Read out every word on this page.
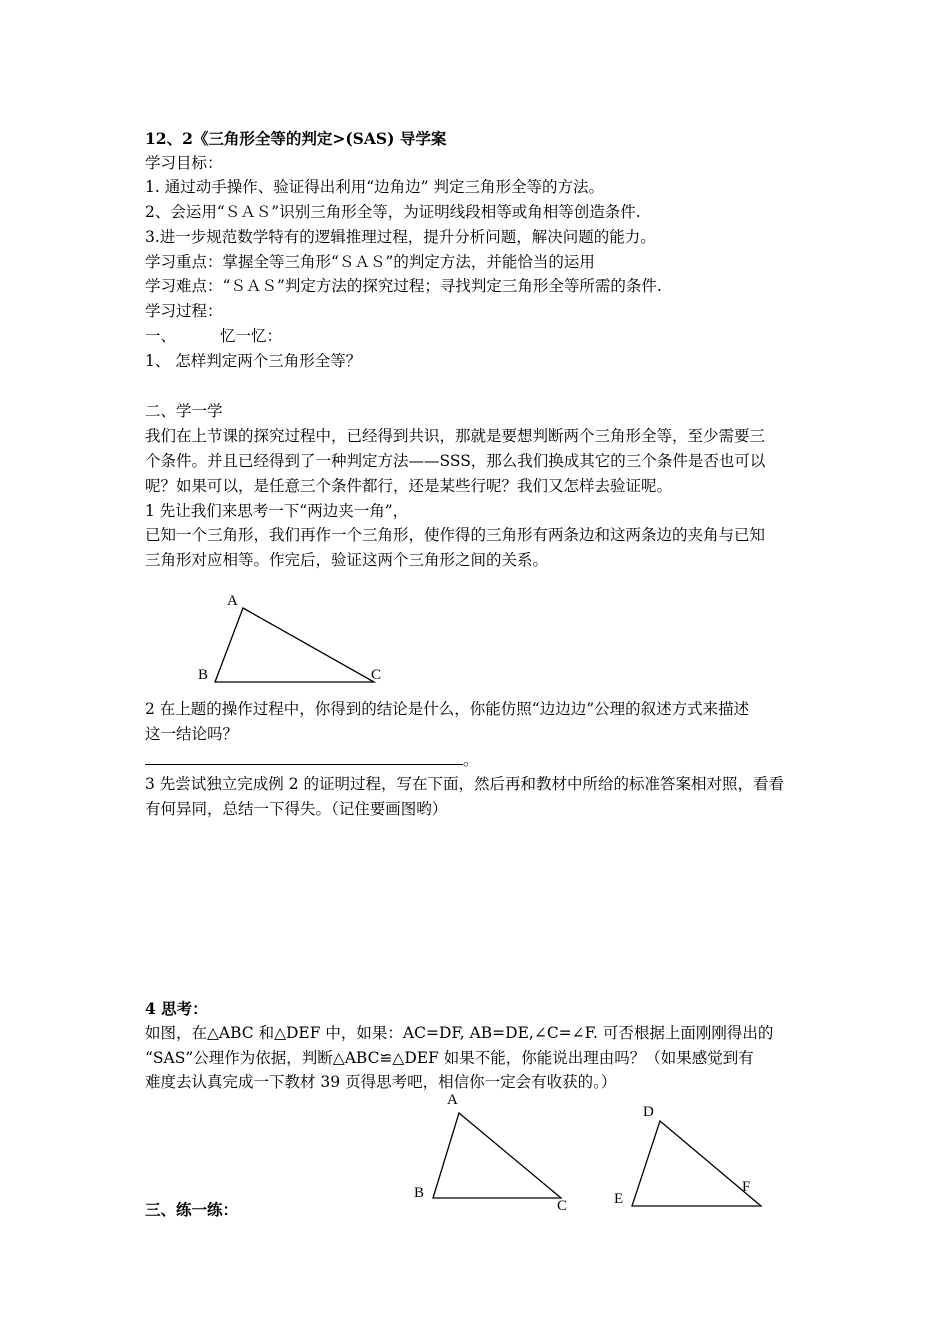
12、2《三角形全等的判定>(SAS) 导学案
学习目标：
1. 通过动手操作、验证得出利用“边角边” 判定三角形全等的方法。
2、会运用“ＳＡＳ”识别三角形全等，为证明线段相等或角相等创造条件.
3.进一步规范数学特有的逻辑推理过程，提升分析问题，解决问题的能力。
学习重点：掌握全等三角形“ＳＡＳ”的判定方法，并能恰当的运用
学习难点：“ＳＡＳ”判定方法的探究过程；寻找判定三角形全等所需的条件.
学习过程：
一、	忆一忆：
1、 怎样判定两个三角形全等？
二、学一学
我们在上节课的探究过程中，已经得到共识，那就是要想判断两个三角形全等，至少需要三
个条件。并且已经得到了一种判定方法——SSS，那么我们换成其它的三个条件是否也可以
呢？如果可以，是任意三个条件都行，还是某些行呢？我们又怎样去验证呢。
1 先让我们来思考一下“两边夹一角”，
已知一个三角形，我们再作一个三角形，使作得的三角形有两条边和这两条边的夹角与已知
三角形对应相等。作完后，验证这两个三角形之间的关系。
2 在上题的操作过程中，你得到的结论是什么，你能仿照“边边边”公理的叙述方式来描述
这一结论吗？
。
3 先尝试独立完成例 2 的证明过程，写在下面，然后再和教材中所给的标准答案相对照，看看
有何异同，总结一下得失。（记住要画图哟）
4 思考：
如图，在△ABC 和△DEF 中，如果：AC=DF, AB=DE,∠C=∠F. 可否根据上面刚刚得出的
“SAS”公理作为依据，判断△ABC≌△DEF 如果不能，你能说出理由吗？（如果感觉到有
难度去认真完成一下教材 39 页得思考吧，相信你一定会有收获的。）
三、练一练：
A
B	C
A
B
C
D
E
F
